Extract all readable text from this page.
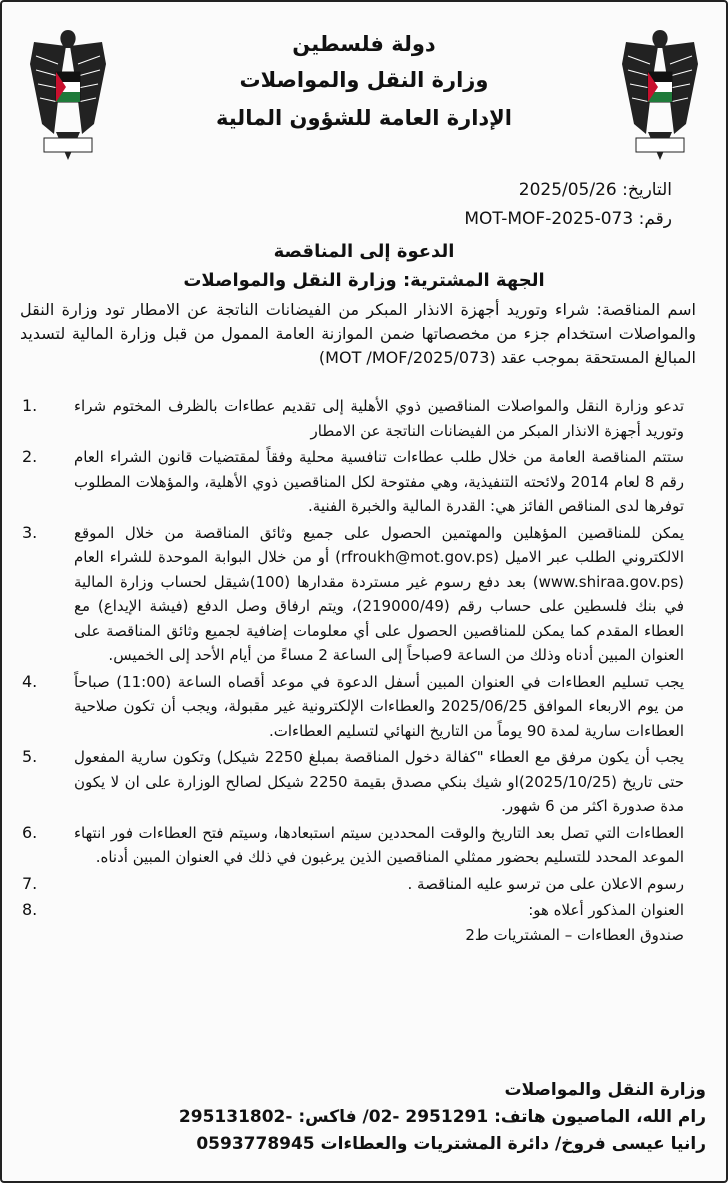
دولة فلسطين
وزارة النقل والمواصلات
الإدارة العامة للشؤون المالية
التاريخ: 2025/05/26
رقم: MOT-MOF-2025-073
الدعوة إلى المناقصة
الجهة المشترية: وزارة النقل والمواصلات
اسم المناقصة: شراء وتوريد أجهزة الانذار المبكر من الفيضانات الناتجة عن الامطار تود وزارة النقل والمواصلات استخدام جزء من مخصصاتها ضمن الموازنة العامة الممول من قبل وزارة المالية لتسديد المبالغ المستحقة بموجب عقد (MOT /MOF/2025/073)
1.	تدعو وزارة النقل والمواصلات المناقصين ذوي الأهلية إلى تقديم عطاءات بالظرف المختوم شراء وتوريد أجهزة الانذار المبكر من الفيضانات الناتجة عن الامطار
2.	ستتم المناقصة العامة من خلال طلب عطاءات تنافسية محلية وفقاً لمقتضيات قانون الشراء العام رقم 8 لعام 2014 ولائحته التنفيذية، وهي مفتوحة لكل المناقصين ذوي الأهلية، والمؤهلات المطلوب توفرها لدى المناقص الفائز هي: القدرة المالية والخبرة الفنية.
3.	يمكن للمناقصين المؤهلين والمهتمين الحصول على جميع وثائق المناقصة من خلال الموقع الالكتروني الطلب عبر الاميل (rfroukh@mot.gov.ps) أو من خلال البوابة الموحدة للشراء العام (www.shiraa.gov.ps) بعد دفع رسوم غير مستردة مقدارها (100)شيقل لحساب وزارة المالية في بنك فلسطين على حساب رقم (219000/49)، ويتم ارفاق وصل الدفع (فيشة الإيداع) مع العطاء المقدم كما يمكن للمناقصين الحصول على أي معلومات إضافية لجميع وثائق المناقصة على العنوان المبين أدناه وذلك من الساعة 9صباحاً إلى الساعة 2 مساءً من أيام الأحد إلى الخميس.
4.	يجب تسليم العطاءات في العنوان المبين أسفل الدعوة في موعد أقصاه الساعة (11:00) صباحاً من يوم الاربعاء الموافق 2025/06/25 والعطاءات الإلكترونية غير مقبولة، ويجب أن تكون صلاحية العطاءات سارية لمدة 90 يوماً من التاريخ النهائي لتسليم العطاءات.
5.	يجب أن يكون مرفق مع العطاء "كفالة دخول المناقصة بمبلغ 2250 شيكل) وتكون سارية المفعول حتى تاريخ (2025/10/25)او شيك بنكي مصدق بقيمة 2250 شيكل لصالح الوزارة على ان لا يكون مدة صدورة اكثر من 6 شهور.
6.	العطاءات التي تصل بعد التاريخ والوقت المحددين سيتم استبعادها، وسيتم فتح العطاءات فور انتهاء الموعد المحدد للتسليم بحضور ممثلي المناقصين الذين يرغبون في ذلك في العنوان المبين أدناه.
7.	رسوم الاعلان على من ترسو عليه المناقصة .
8.	العنوان المذكور أعلاه هو:
صندوق العطاءات – المشتريات ط2
وزارة النقل والمواصلات
رام الله، الماصيون هاتف: 2951291 -02/ فاكس: -295131802
رانيا عيسى فروخ/ دائرة المشتريات والعطاءات 0593778945
